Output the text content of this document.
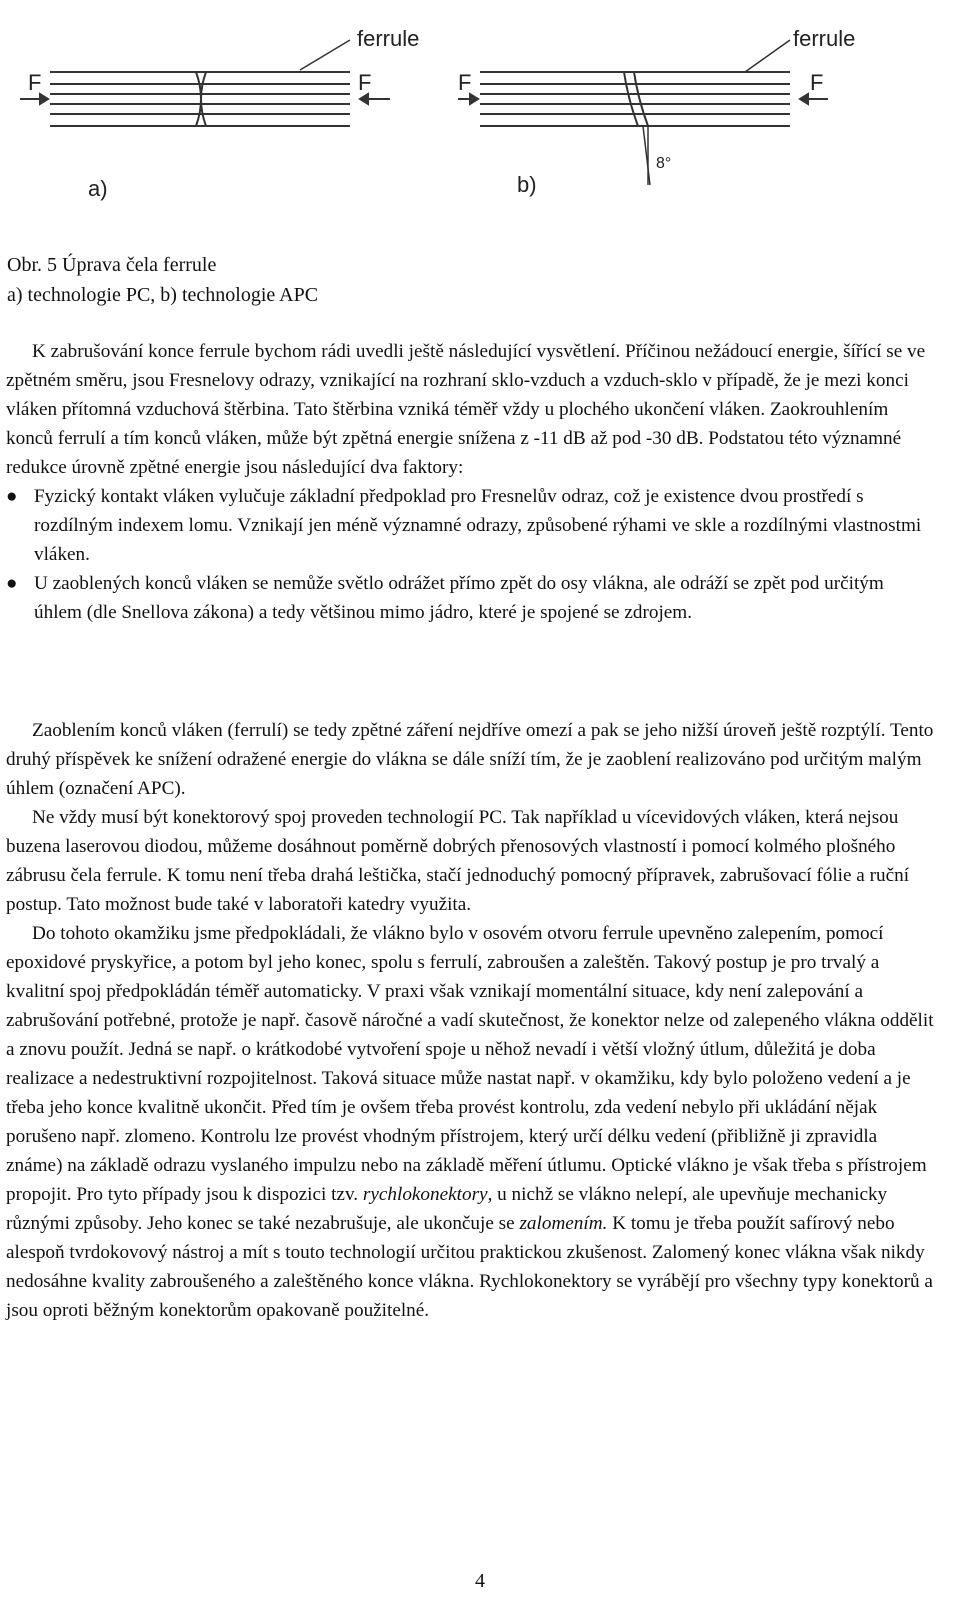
ferrule
F	F
a)
ferrule
F	F
8°
b)
Obr. 5 Úprava čela ferrule
a) technologie PC, b) technologie APC

K zabrušování konce ferrule bychom rádi uvedli ještě následující vysvětlení. Příčinou nežádoucí energie, šířící se ve zpětném směru, jsou Fresnelovy odrazy, vznikající na rozhraní sklo-vzduch a vzduch-sklo v případě, že je mezi konci vláken přítomná vzduchová štěrbina. Tato štěrbina vzniká téměř vždy u plochého ukončení vláken. Zaokrouhlením konců ferrulí a tím konců vláken, může být zpětná energie snížena z -11 dB až pod -30 dB. Podstatou této významné redukce úrovně zpětné energie jsou následující dva faktory:

● Fyzický kontakt vláken vylučuje základní předpoklad pro Fresnelův odraz, což je existence dvou prostředí s rozdílným indexem lomu. Vznikají jen méně významné odrazy, způsobené rýhami ve skle a rozdílnými vlastnostmi vláken.

● U zaoblených konců vláken se nemůže světlo odrážet přímo zpět do osy vlákna, ale odráží se zpět pod určitým úhlem (dle Snellova zákona) a tedy většinou mimo jádro, které je spojené se zdrojem.

Zaoblením konců vláken (ferrulí) se tedy zpětné záření nejdříve omezí a pak se jeho nižší úroveň ještě rozptýlí. Tento druhý příspěvek ke snížení odražené energie do vlákna se dále sníží tím, že je zaoblení realizováno pod určitým malým úhlem (označení APC).

Ne vždy musí být konektorový spoj proveden technologií PC. Tak například u vícevidových vláken, která nejsou buzena laserovou diodou, můžeme dosáhnout poměrně dobrých přenosových vlastností i pomocí kolmého plošného zábrusu čela ferrule. K tomu není třeba drahá leštička, stačí jednoduchý pomocný přípravek, zabrušovací fólie a ruční postup. Tato možnost bude také v laboratoři katedry využita.

Do tohoto okamžiku jsme předpokládali, že vlákno bylo v osovém otvoru ferrule upevněno zalepením, pomocí epoxidové pryskyřice, a potom byl jeho konec, spolu s ferrulí, zabroušen a zaleštěn. Takový postup je pro trvalý a kvalitní spoj předpokládán téměř automaticky. V praxi však vznikají momentální situace, kdy není zalepování a zabrušování potřebné, protože je např. časově náročné a vadí skutečnost, že konektor nelze od zalepeného vlákna oddělit a znovu použít. Jedná se např. o krátkodobé vytvoření spoje u něhož nevadí i větší vložný útlum, důležitá je doba realizace a nedestruktivní rozpojitelnost. Taková situace může nastat např. v okamžiku, kdy bylo položeno vedení a je třeba jeho konce kvalitně ukončit. Před tím je ovšem třeba provést kontrolu, zda vedení nebylo při ukládání nějak porušeno např. zlomeno. Kontrolu lze provést vhodným přístrojem, který určí délku vedení (přibližně ji zpravidla známe) na základě odrazu vyslaného impulzu nebo na základě měření útlumu. Optické vlákno je však třeba s přístrojem propojit. Pro tyto případy jsou k dispozici tzv. rychlokonektory, u nichž se vlákno nelepí, ale upevňuje mechanicky různými způsoby. Jeho konec se také nezabrušuje, ale ukončuje se zalomením. K tomu je třeba použít safírový nebo alespoň tvrdokovový nástroj a mít s touto technologií určitou praktickou zkušenost. Zalomený konec vlákna však nikdy nedosáhne kvality zabroušeného a zaleštěného konce vlákna. Rychlokonektory se vyrábějí pro všechny typy konektorů a jsou oproti běžným konektorům opakovaně použitelné.

4
